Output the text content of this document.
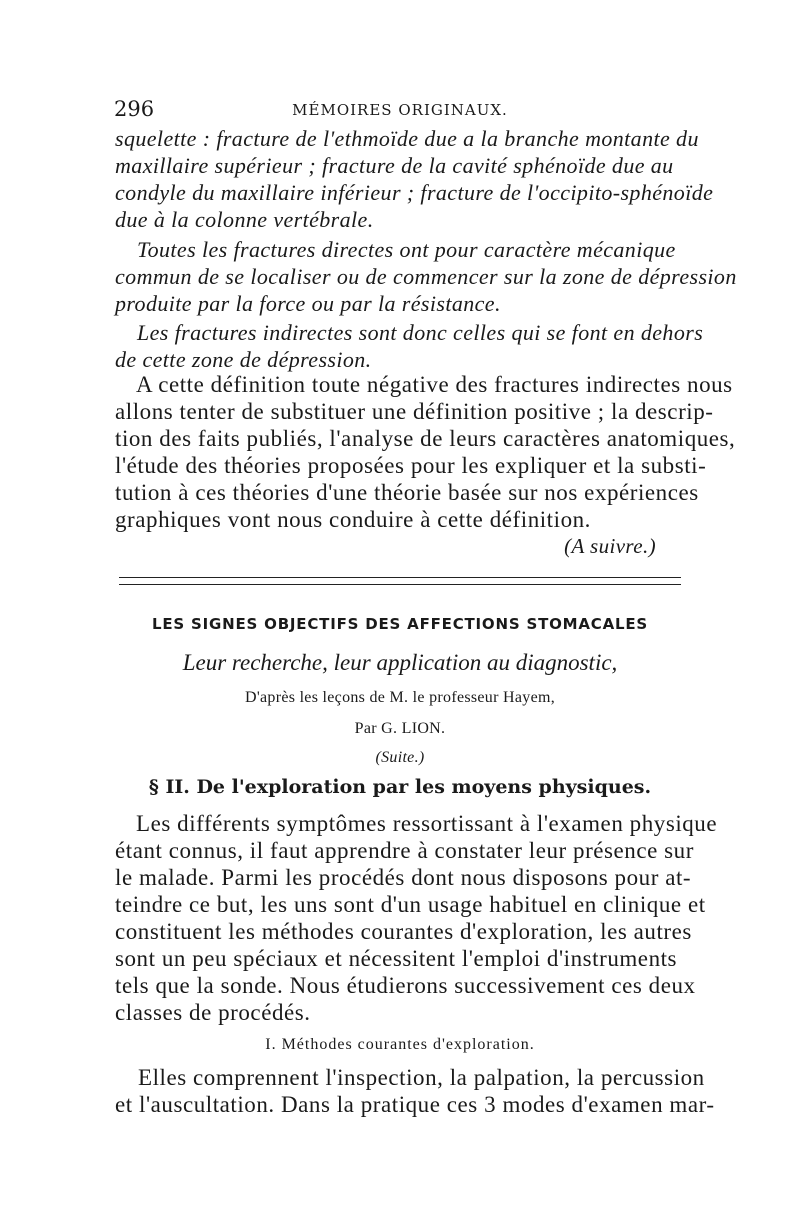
296	MÉMOIRES ORIGINAUX.
squelette : fracture de l'ethmoïde due a la branche montante du
maxillaire supérieur ; fracture de la cavité sphénoïde due au
condyle du maxillaire inférieur ; fracture de l'occipito-sphénoïde
due à la colonne vertébrale.
Toutes les fractures directes ont pour caractère mécanique
commun de se localiser ou de commencer sur la zone de dépression
produite par la force ou par la résistance.
Les fractures indirectes sont donc celles qui se font en dehors
de cette zone de dépression.
A cette définition toute négative des fractures indirectes nous
allons tenter de substituer une définition positive ; la descrip-
tion des faits publiés, l'analyse de leurs caractères anatomiques,
l'étude des théories proposées pour les expliquer et la substi-
tution à ces théories d'une théorie basée sur nos expériences
graphiques vont nous conduire à cette définition.
(A suivre.)
LES SIGNES OBJECTIFS DES AFFECTIONS STOMACALES
Leur recherche, leur application au diagnostic,
D'après les leçons de M. le professeur Hayem,
Par G. LION.
(Suite.)
§ II. De l'exploration par les moyens physiques.
Les différents symptômes ressortissant à l'examen physique
étant connus, il faut apprendre à constater leur présence sur
le malade. Parmi les procédés dont nous disposons pour at-
teindre ce but, les uns sont d'un usage habituel en clinique et
constituent les méthodes courantes d'exploration, les autres
sont un peu spéciaux et nécessitent l'emploi d'instruments
tels que la sonde. Nous étudierons successivement ces deux
classes de procédés.
I. Méthodes courantes d'exploration.
Elles comprennent l'inspection, la palpation, la percussion
et l'auscultation. Dans la pratique ces 3 modes d'examen mar-
